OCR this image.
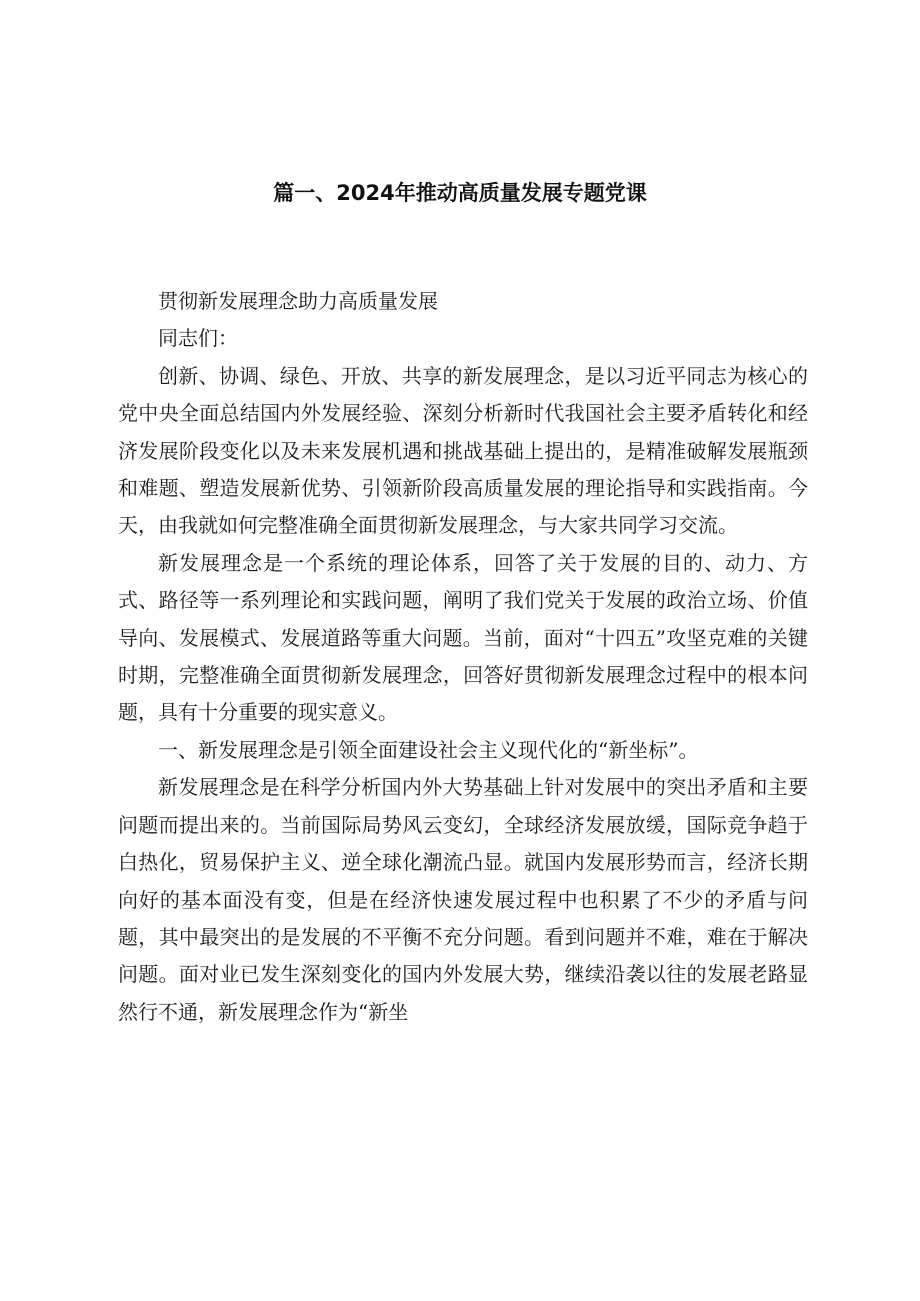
篇一、2024年推动高质量发展专题党课

贯彻新发展理念助力高质量发展

同志们：

创新、协调、绿色、开放、共享的新发展理念，是以习近平同志为核心的党中央全面总结国内外发展经验、深刻分析新时代我国社会主要矛盾转化和经济发展阶段变化以及未来发展机遇和挑战基础上提出的，是精准破解发展瓶颈和难题、塑造发展新优势、引领新阶段高质量发展的理论指导和实践指南。今天，由我就如何完整准确全面贯彻新发展理念，与大家共同学习交流。

新发展理念是一个系统的理论体系，回答了关于发展的目的、动力、方式、路径等一系列理论和实践问题，阐明了我们党关于发展的政治立场、价值导向、发展模式、发展道路等重大问题。当前，面对“十四五”攻坚克难的关键时期，完整准确全面贯彻新发展理念，回答好贯彻新发展理念过程中的根本问题，具有十分重要的现实意义。

一、新发展理念是引领全面建设社会主义现代化的“新坐标”。

新发展理念是在科学分析国内外大势基础上针对发展中的突出矛盾和主要问题而提出来的。当前国际局势风云变幻，全球经济发展放缓，国际竞争趋于白热化，贸易保护主义、逆全球化潮流凸显。就国内发展形势而言，经济长期向好的基本面没有变，但是在经济快速发展过程中也积累了不少的矛盾与问题，其中最突出的是发展的不平衡不充分问题。看到问题并不难，难在于解决问题。面对业已发生深刻变化的国内外发展大势，继续沿袭以往的发展老路显然行不通，新发展理念作为“新坐
